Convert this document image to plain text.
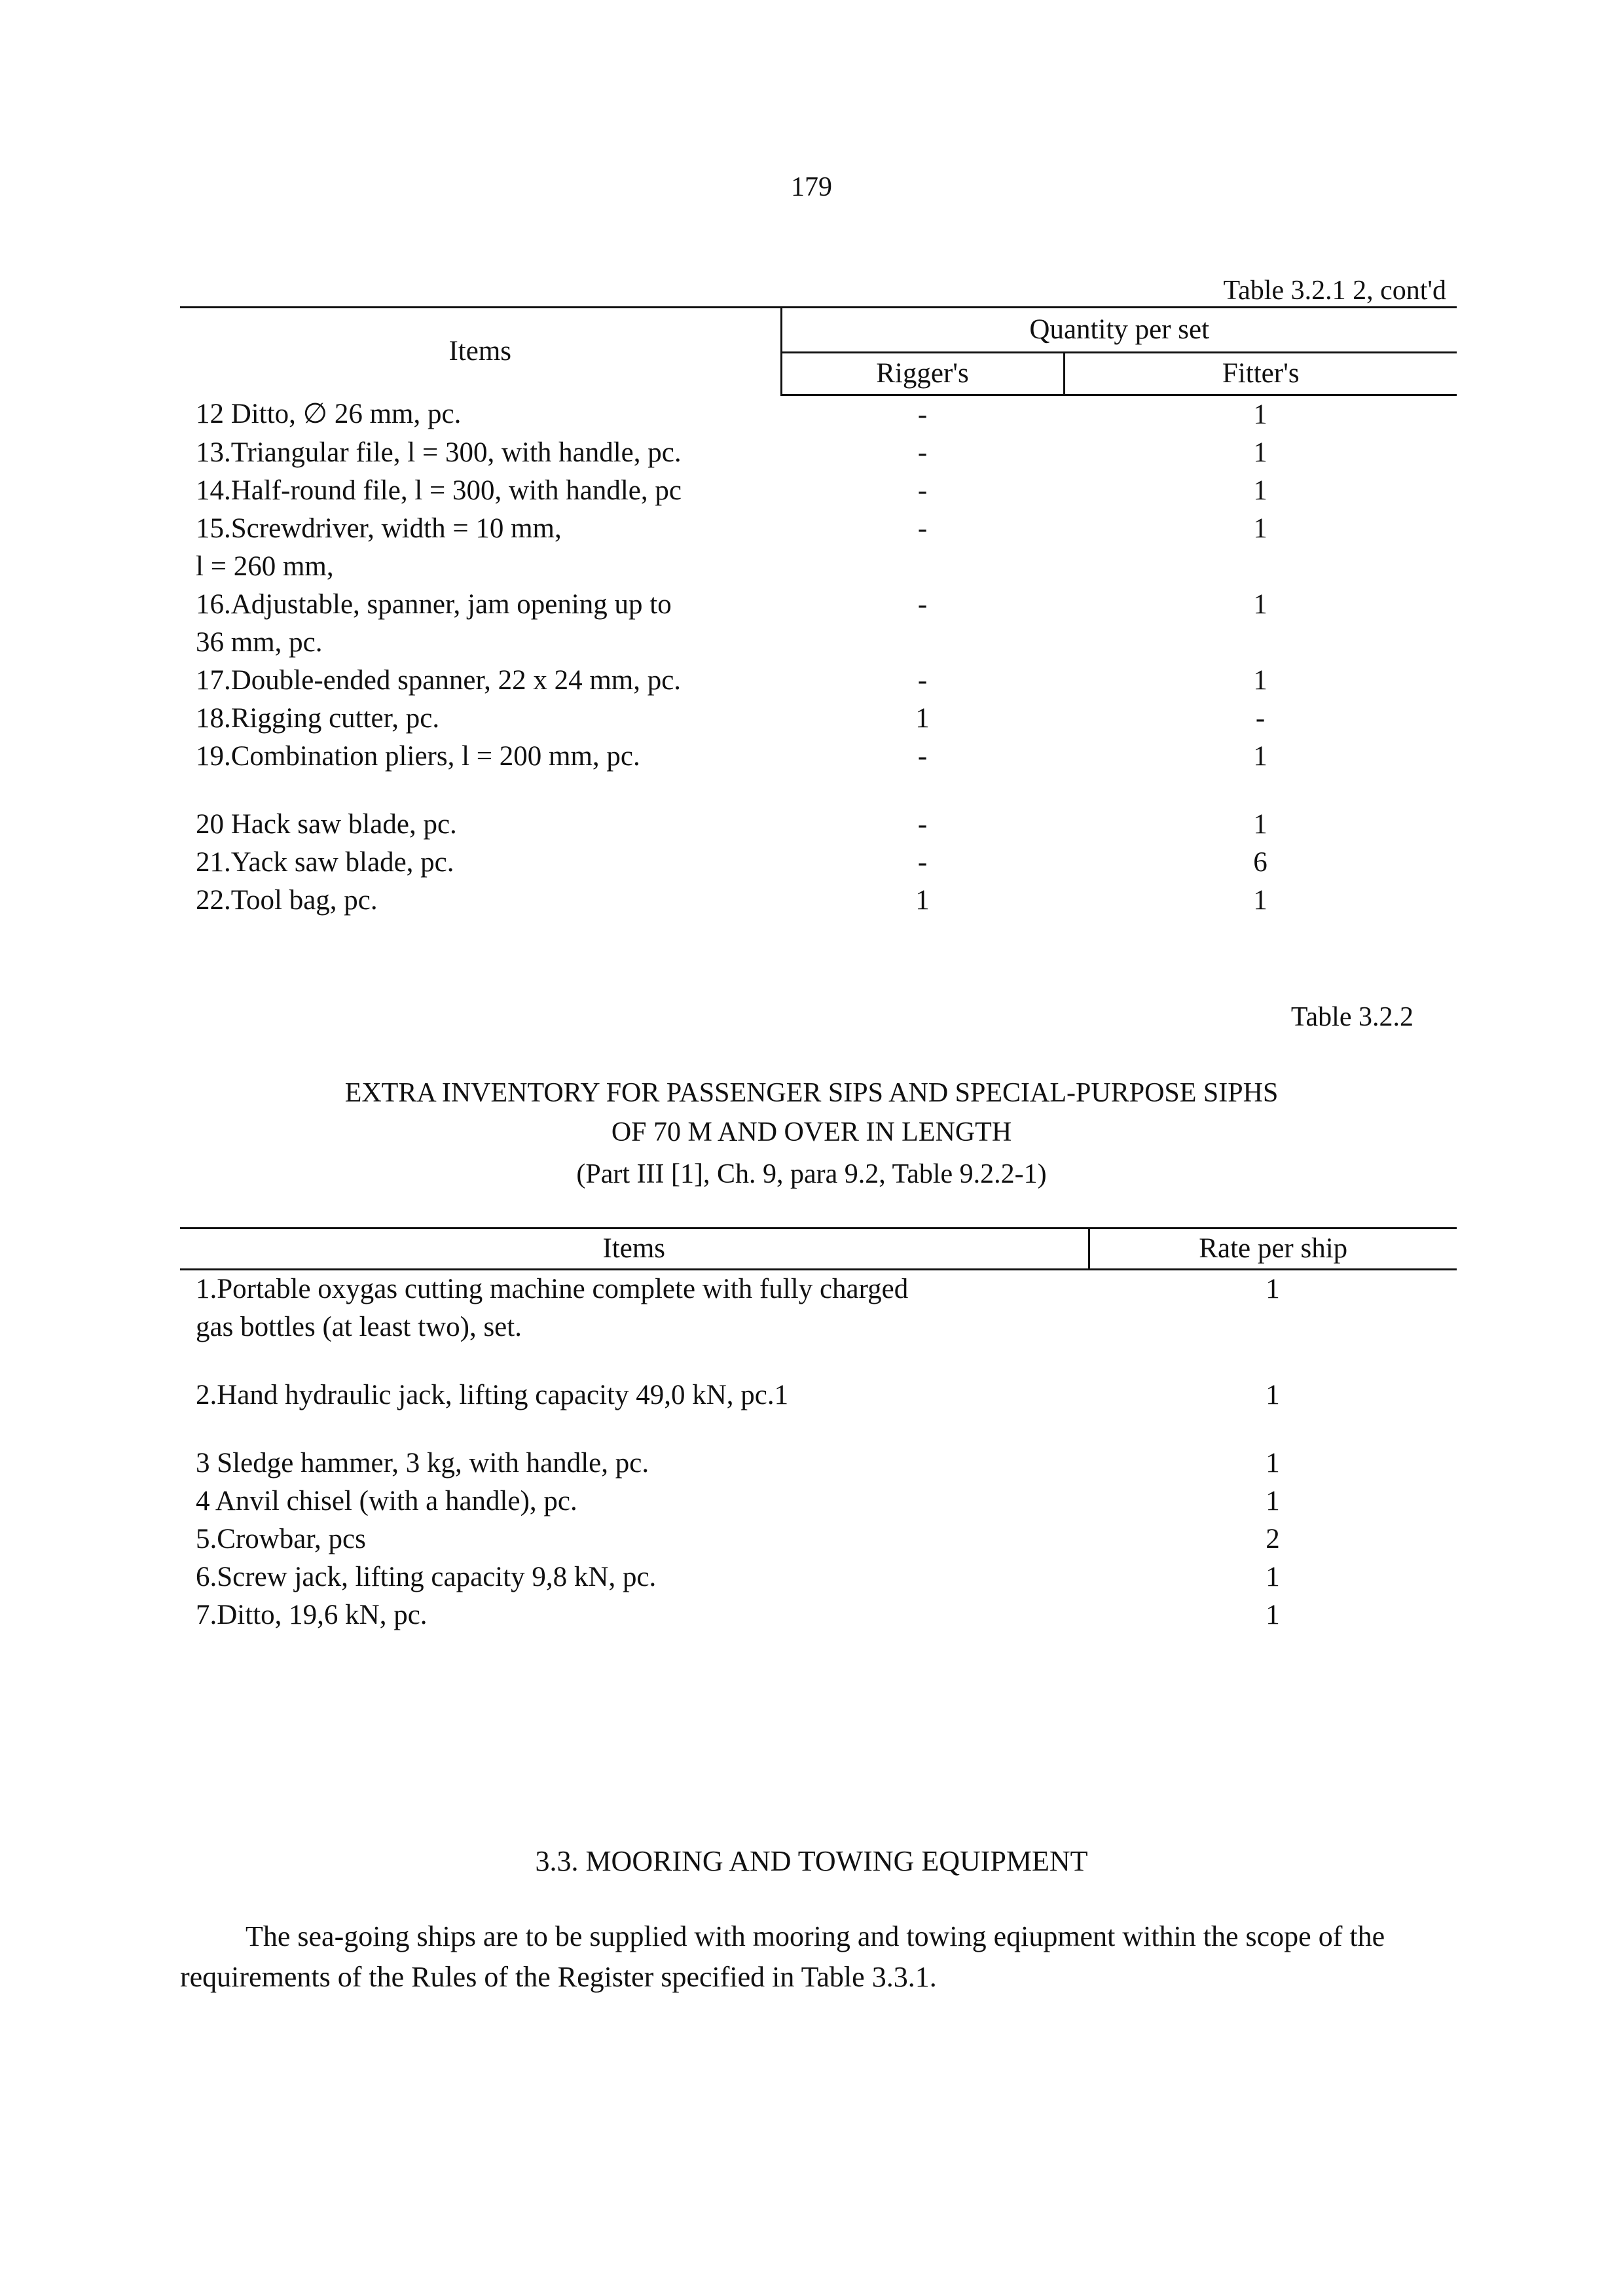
179
Table 3.2.1 2, cont'd
Items	Quantity per set	
	Rigger's	Fitter's
12 Ditto, ∅ 26 mm, pc.	-	1
13.Triangular file, l = 300, with handle, pc.	-	1
14.Half-round file, l = 300, with handle, pc	-	1
15.Screwdriver, width = 10 mm,
l = 260 mm,	-	1
16.Adjustable, spanner, jam opening up to
36 mm, pc.	-	1
17.Double-ended spanner, 22 x 24 mm, pc.	-	1
18.Rigging cutter, pc.	1	-
19.Combination pliers, l = 200 mm, pc.	-	1

20 Hack saw blade, pc.	-	1
21.Yack saw blade, pc.	-	6
22.Tool bag, pc.	1	1
Table 3.2.2
EXTRA INVENTORY FOR PASSENGER SIPS AND SPECIAL-PURPOSE SIPHS
OF 70 M AND OVER IN LENGTH
(Part III [1], Ch. 9, para 9.2, Table 9.2.2-1)
Items	Rate per ship
1.Portable oxygas cutting machine complete with fully charged
gas bottles (at least two), set.	1

2.Hand hydraulic jack, lifting capacity 49,0 kN, pc.1	1

3 Sledge hammer, 3 kg, with handle, pc.	1
4 Anvil chisel (with a handle), pc.	1
5.Crowbar, pcs	2
6.Screw jack, lifting capacity 9,8 kN, pc.	1
7.Ditto, 19,6 kN, pc.	1
3.3. MOORING AND TOWING EQUIPMENT
The sea-going ships are to be supplied with mooring and towing eqiupment within the scope of the requirements of the Rules of the Register specified in Table 3.3.1.
